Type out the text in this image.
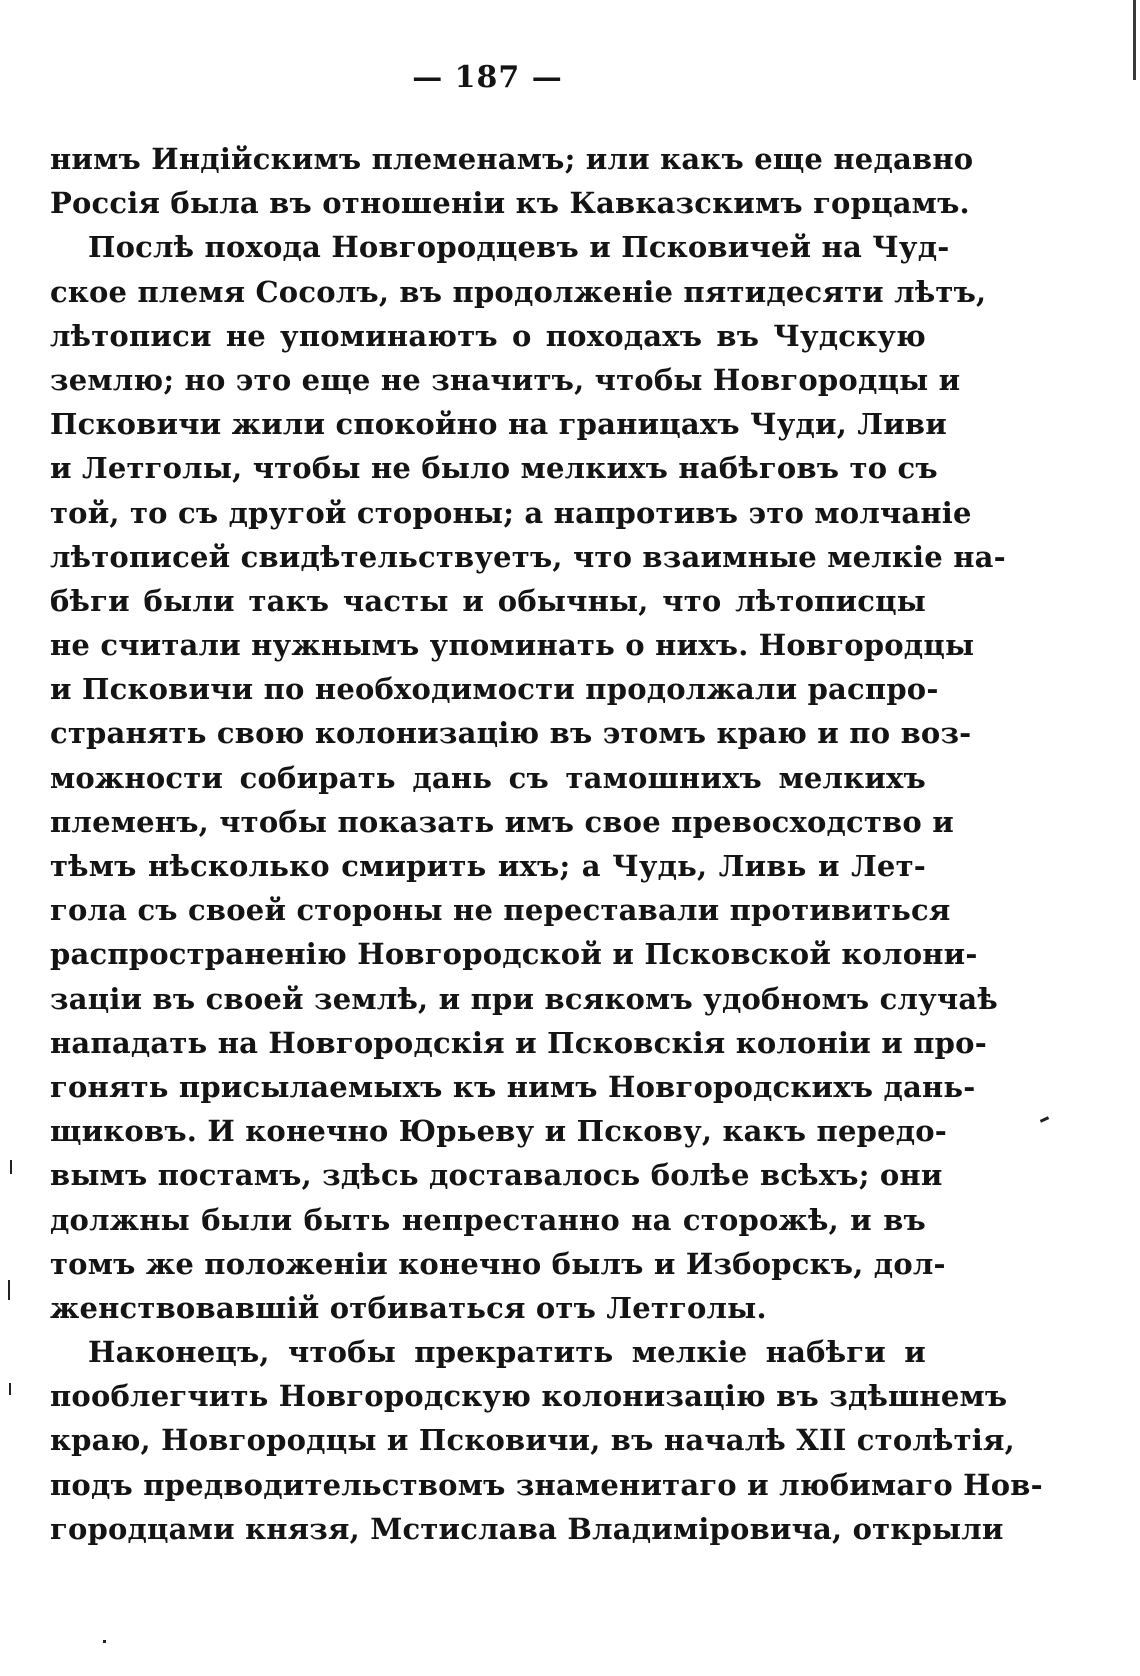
— 187 —
нимъ Индійскимъ племенамъ; или какъ еще недавно
Россія была въ отношеніи къ Кавказскимъ горцамъ.
Послѣ похода Новгородцевъ и Псковичей на Чуд-
ское племя Сосолъ, въ продолженіе пятидесяти лѣтъ,
лѣтописи не упоминаютъ о походахъ въ Чудскую
землю; но это еще не значитъ, чтобы Новгородцы и
Псковичи жили спокойно на границахъ Чуди, Ливи
и Летголы, чтобы не было мелкихъ набѣговъ то съ
той, то съ другой стороны; а напротивъ это молчаніе
лѣтописей свидѣтельствуетъ, что взаимные мелкіе на-
бѣги были такъ часты и обычны, что лѣтописцы
не считали нужнымъ упоминать о нихъ. Новгородцы
и Псковичи по необходимости продолжали распро-
странять свою колонизацію въ этомъ краю и по воз-
можности собирать дань съ тамошнихъ мелкихъ
племенъ, чтобы показать имъ свое превосходство и
тѣмъ нѣсколько смирить ихъ; а Чудь, Ливь и Лет-
гола съ своей стороны не переставали противиться
распространенію Новгородской и Псковской колони-
заціи въ своей землѣ, и при всякомъ удобномъ случаѣ
нападать на Новгородскія и Псковскія колоніи и про-
гонять присылаемыхъ къ нимъ Новгородскихъ дань-
щиковъ. И конечно Юрьеву и Пскову, какъ передо-
вымъ постамъ, здѣсь доставалось болѣе всѣхъ; они
должны были быть непрестанно на сторожѣ, и въ
томъ же положеніи конечно былъ и Изборскъ, дол-
женствовавшій отбиваться отъ Летголы.
Наконецъ, чтобы прекратить мелкіе набѣги и
пооблегчить Новгородскую колонизацію въ здѣшнемъ
краю, Новгородцы и Псковичи, въ началѣ XII столѣтія,
подъ предводительствомъ знаменитаго и любимаго Нов-
городцами князя, Мстислава Владиміровича, открыли
